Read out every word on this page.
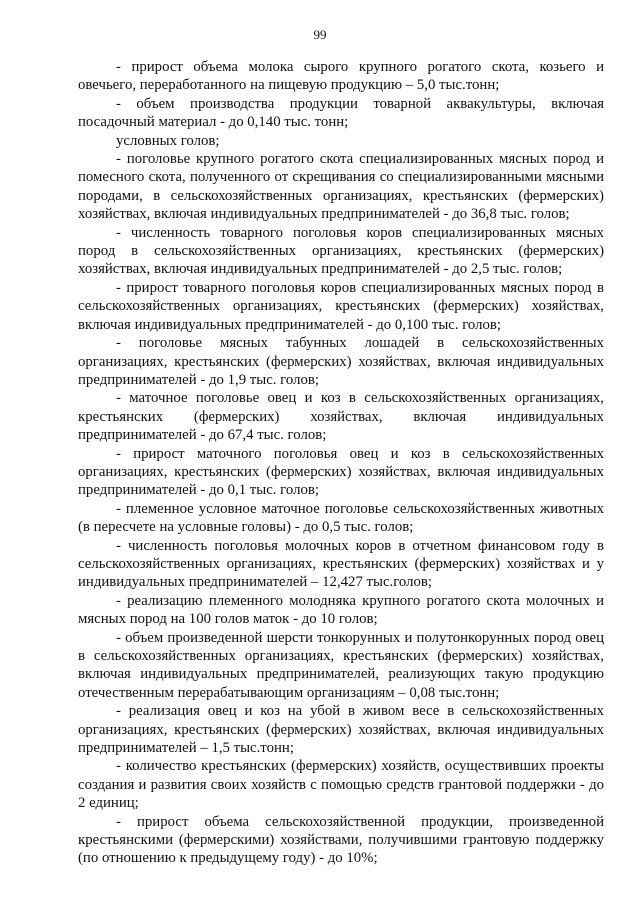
99

- прирост объема молока сырого крупного рогатого скота, козьего и овечьего, переработанного на пищевую продукцию – 5,0 тыс.тонн;

- объем производства продукции товарной аквакультуры, включая посадочный материал - до 0,140 тыс. тонн;

условных голов;

- поголовье крупного рогатого скота специализированных мясных пород и помесного скота, полученного от скрещивания со специализированными мясными породами, в сельскохозяйственных организациях, крестьянских (фермерских) хозяйствах, включая индивидуальных предпринимателей - до 36,8 тыс. голов;

- численность товарного поголовья коров специализированных мясных пород в сельскохозяйственных организациях, крестьянских (фермерских) хозяйствах, включая индивидуальных предпринимателей - до 2,5 тыс. голов;

- прирост товарного поголовья коров специализированных мясных пород в сельскохозяйственных организациях, крестьянских (фермерских) хозяйствах, включая индивидуальных предпринимателей - до 0,100 тыс. голов;

- поголовье мясных табунных лошадей в сельскохозяйственных организациях, крестьянских (фермерских) хозяйствах, включая индивидуальных предпринимателей - до 1,9 тыс. голов;

- маточное поголовье овец и коз в сельскохозяйственных организациях, крестьянских (фермерских) хозяйствах, включая индивидуальных предпринимателей - до 67,4 тыс. голов;

- прирост маточного поголовья овец и коз в сельскохозяйственных организациях, крестьянских (фермерских) хозяйствах, включая индивидуальных предпринимателей - до 0,1 тыс. голов;

- племенное условное маточное поголовье сельскохозяйственных животных (в пересчете на условные головы) - до 0,5 тыс. голов;

- численность поголовья молочных коров в отчетном финансовом году в сельскохозяйственных организациях, крестьянских (фермерских) хозяйствах и у индивидуальных предпринимателей – 12,427 тыс.голов;

- реализацию племенного молодняка крупного рогатого скота молочных и мясных пород на 100 голов маток - до 10 голов;

- объем произведенной шерсти тонкорунных и полутонкорунных пород овец в сельскохозяйственных организациях, крестьянских (фермерских) хозяйствах, включая индивидуальных предпринимателей, реализующих такую продукцию отечественным перерабатывающим организациям – 0,08 тыс.тонн;

- реализация овец и коз на убой в живом весе в сельскохозяйственных организациях, крестьянских (фермерских) хозяйствах, включая индивидуальных предпринимателей – 1,5 тыс.тонн;

- количество крестьянских (фермерских) хозяйств, осуществивших проекты создания и развития своих хозяйств с помощью средств грантовой поддержки - до 2 единиц;

- прирост объема сельскохозяйственной продукции, произведенной крестьянскими (фермерскими) хозяйствами, получившими грантовую поддержку (по отношению к предыдущему году) - до 10%;
